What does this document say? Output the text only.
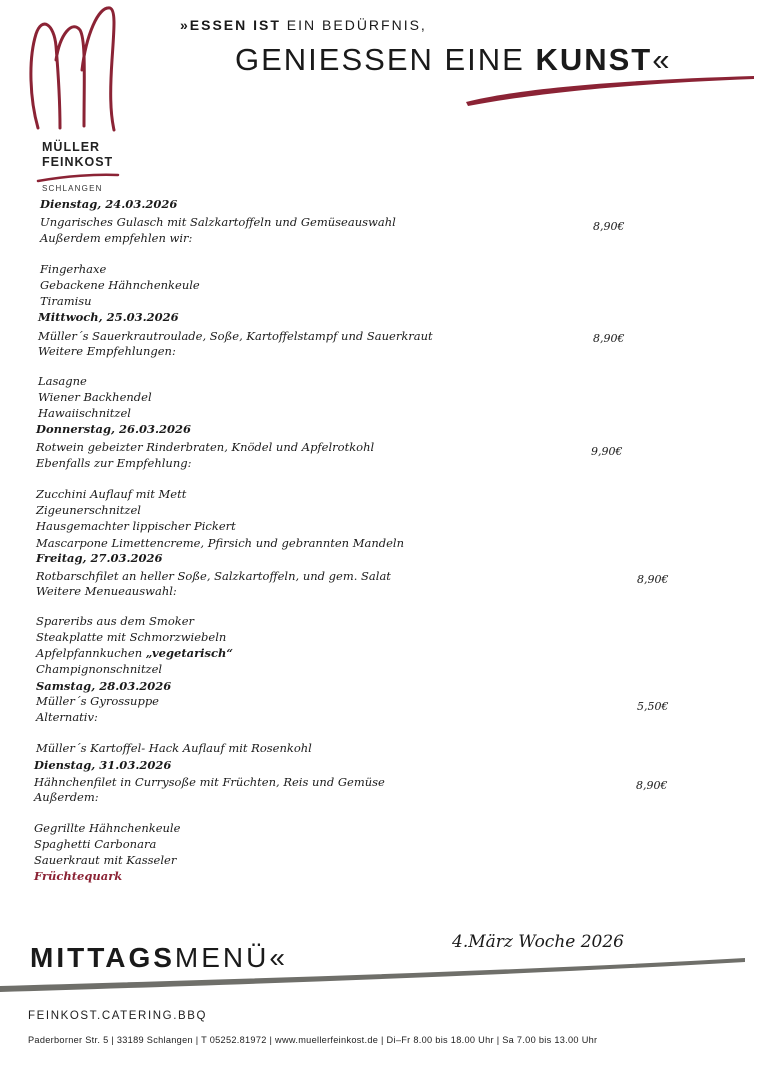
MÜLLER
FEINKOST
SCHLANGEN
»ESSEN IST EIN BEDÜRFNIS,
GENIESSEN EINE KUNST«
Dienstag, 24.03.2026
Ungarisches Gulasch mit Salzkartoffeln und Gemüseauswahl	8,90€
Außerdem empfehlen wir:
Fingerhaxe
Gebackene Hähnchenkeule
Tiramisu
Mittwoch, 25.03.2026
Müller´s Sauerkrautroulade, Soße, Kartoffelstampf und Sauerkraut	8,90€
Weitere Empfehlungen:
Lasagne
Wiener Backhendel
Hawaiischnitzel
Donnerstag, 26.03.2026
Rotwein gebeizter Rinderbraten, Knödel und Apfelrotkohl	9,90€
Ebenfalls zur Empfehlung:
Zucchini Auflauf mit Mett
Zigeunerschnitzel
Hausgemachter lippischer Pickert
Mascarpone Limettencreme, Pfirsich und gebrannten Mandeln
Freitag, 27.03.2026
Rotbarschfilet an heller Soße, Salzkartoffeln, und gem. Salat	8,90€
Weitere Menueauswahl:
Spareribs aus dem Smoker
Steakplatte mit Schmorzwiebeln
Apfelpfannkuchen „vegetarisch“
Champignonschnitzel
Samstag, 28.03.2026
Müller´s Gyrossuppe	5,50€
Alternativ:
Müller´s Kartoffel- Hack Auflauf mit Rosenkohl
Dienstag, 31.03.2026
Hähnchenfilet in Currysoße mit Früchten, Reis und Gemüse	8,90€
Außerdem:
Gegrillte Hähnchenkeule
Spaghetti Carbonara
Sauerkraut mit Kasseler
Früchtequark
MITTAGSMENÜ«	4.März Woche 2026
FEINKOST.CATERING.BBQ
Paderborner Str. 5 | 33189 Schlangen | T 05252.81972 | www.muellerfeinkost.de | Di–Fr 8.00 bis 18.00 Uhr | Sa 7.00 bis 13.00 Uhr
